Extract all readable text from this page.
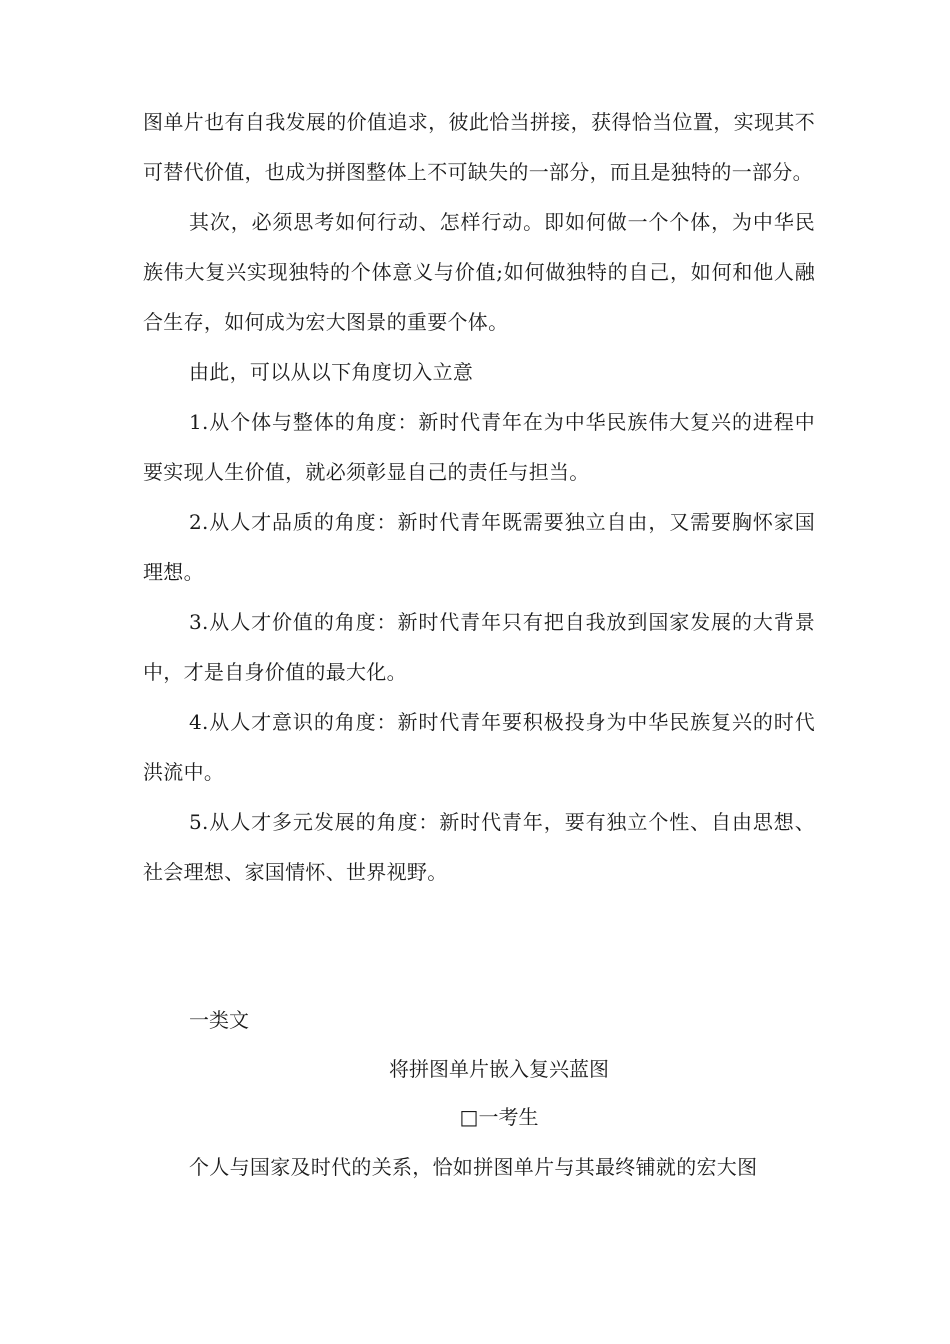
图单片也有自我发展的价值追求，彼此恰当拼接，获得恰当位置，实现其不可替代价值，也成为拼图整体上不可缺失的一部分，而且是独特的一部分。

其次，必须思考如何行动、怎样行动。即如何做一个个体，为中华民族伟大复兴实现独特的个体意义与价值;如何做独特的自己，如何和他人融合生存，如何成为宏大图景的重要个体。

由此，可以从以下角度切入立意

1.从个体与整体的角度：新时代青年在为中华民族伟大复兴的进程中要实现人生价值，就必须彰显自己的责任与担当。

2.从人才品质的角度：新时代青年既需要独立自由，又需要胸怀家国理想。

3.从人才价值的角度：新时代青年只有把自我放到国家发展的大背景中，才是自身价值的最大化。

4.从人才意识的角度：新时代青年要积极投身为中华民族复兴的时代洪流中。

5.从人才多元发展的角度：新时代青年，要有独立个性、自由思想、社会理想、家国情怀、世界视野。

一类文
将拼图单片嵌入复兴蓝图
□一考生

个人与国家及时代的关系，恰如拼图单片与其最终铺就的宏大图
